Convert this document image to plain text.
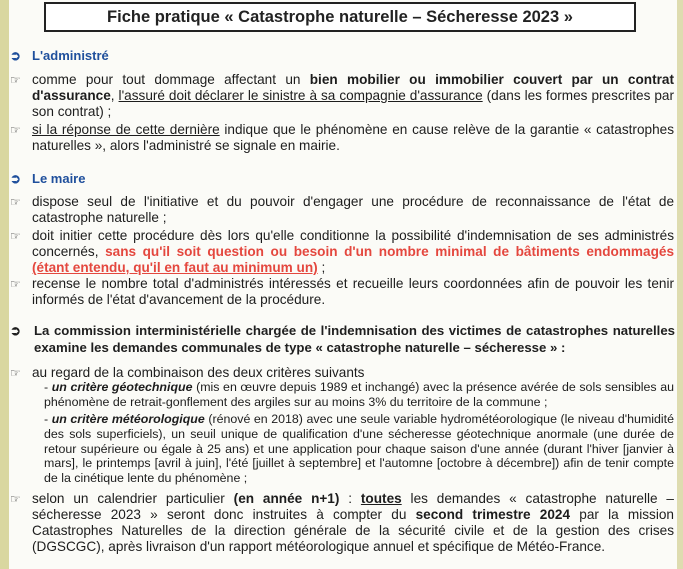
Fiche pratique « Catastrophe naturelle – Sécheresse 2023 »
➲ L'administré
☞ comme pour tout dommage affectant un bien mobilier ou immobilier couvert par un contrat d'assurance, l'assuré doit déclarer le sinistre à sa compagnie d'assurance (dans les formes prescrites par son contrat) ;
☞ si la réponse de cette dernière indique que le phénomène en cause relève de la garantie « catastrophes naturelles », alors l'administré se signale en mairie.
➲ Le maire
☞ dispose seul de l'initiative et du pouvoir d'engager une procédure de reconnaissance de l'état de catastrophe naturelle ;
☞ doit initier cette procédure dès lors qu'elle conditionne la possibilité d'indemnisation de ses administrés concernés, sans qu'il soit question ou besoin d'un nombre minimal de bâtiments endommagés (étant entendu, qu'il en faut au minimum un) ;
☞ recense le nombre total d'administrés intéressés et recueille leurs coordonnées afin de pouvoir les tenir informés de l'état d'avancement de la procédure.
➲ La commission interministérielle chargée de l'indemnisation des victimes de catastrophes naturelles examine les demandes communales de type « catastrophe naturelle – sécheresse » :
☞ au regard de la combinaison des deux critères suivants
- un critère géotechnique (mis en œuvre depuis 1989 et inchangé) avec la présence avérée de sols sensibles au phénomène de retrait-gonflement des argiles sur au moins 3% du territoire de la commune ;
- un critère météorologique (rénové en 2018) avec une seule variable hydrométéorologique (le niveau d'humidité des sols superficiels), un seuil unique de qualification d'une sécheresse géotechnique anormale (une durée de retour supérieure ou égale à 25 ans) et une application pour chaque saison d'une année (durant l'hiver [janvier à mars], le printemps [avril à juin], l'été [juillet à septembre] et l'automne [octobre à décembre]) afin de tenir compte de la cinétique lente du phénomène ;
☞ selon un calendrier particulier (en année n+1) : toutes les demandes « catastrophe naturelle – sécheresse 2023 » seront donc instruites à compter du second trimestre 2024 par la mission Catastrophes Naturelles de la direction générale de la sécurité civile et de la gestion des crises (DGSCGC), après livraison d'un rapport météorologique annuel et spécifique de Météo-France.
